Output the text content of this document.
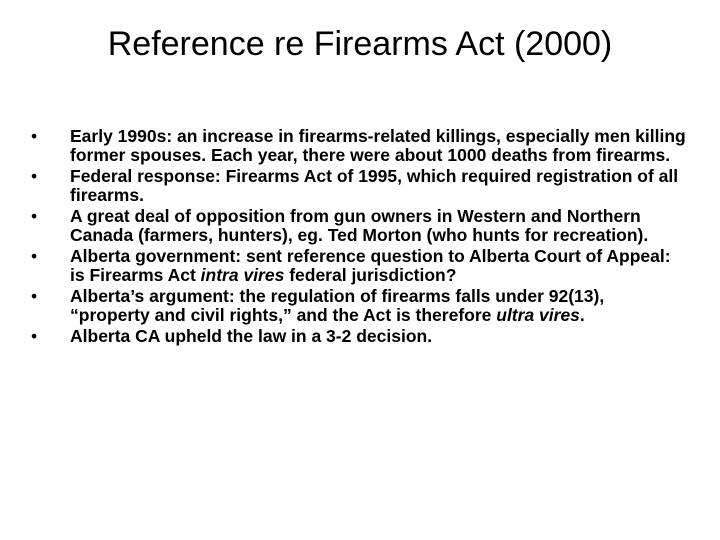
Reference re Firearms Act (2000)
• Early 1990s: an increase in firearms-related killings, especially men killing former spouses. Each year, there were about 1000 deaths from firearms.
• Federal response: Firearms Act of 1995, which required registration of all firearms.
• A great deal of opposition from gun owners in Western and Northern Canada (farmers, hunters), eg. Ted Morton (who hunts for recreation).
• Alberta government: sent reference question to Alberta Court of Appeal: is Firearms Act intra vires federal jurisdiction?
• Alberta’s argument: the regulation of firearms falls under 92(13), “property and civil rights,” and the Act is therefore ultra vires.
• Alberta CA upheld the law in a 3-2 decision.
